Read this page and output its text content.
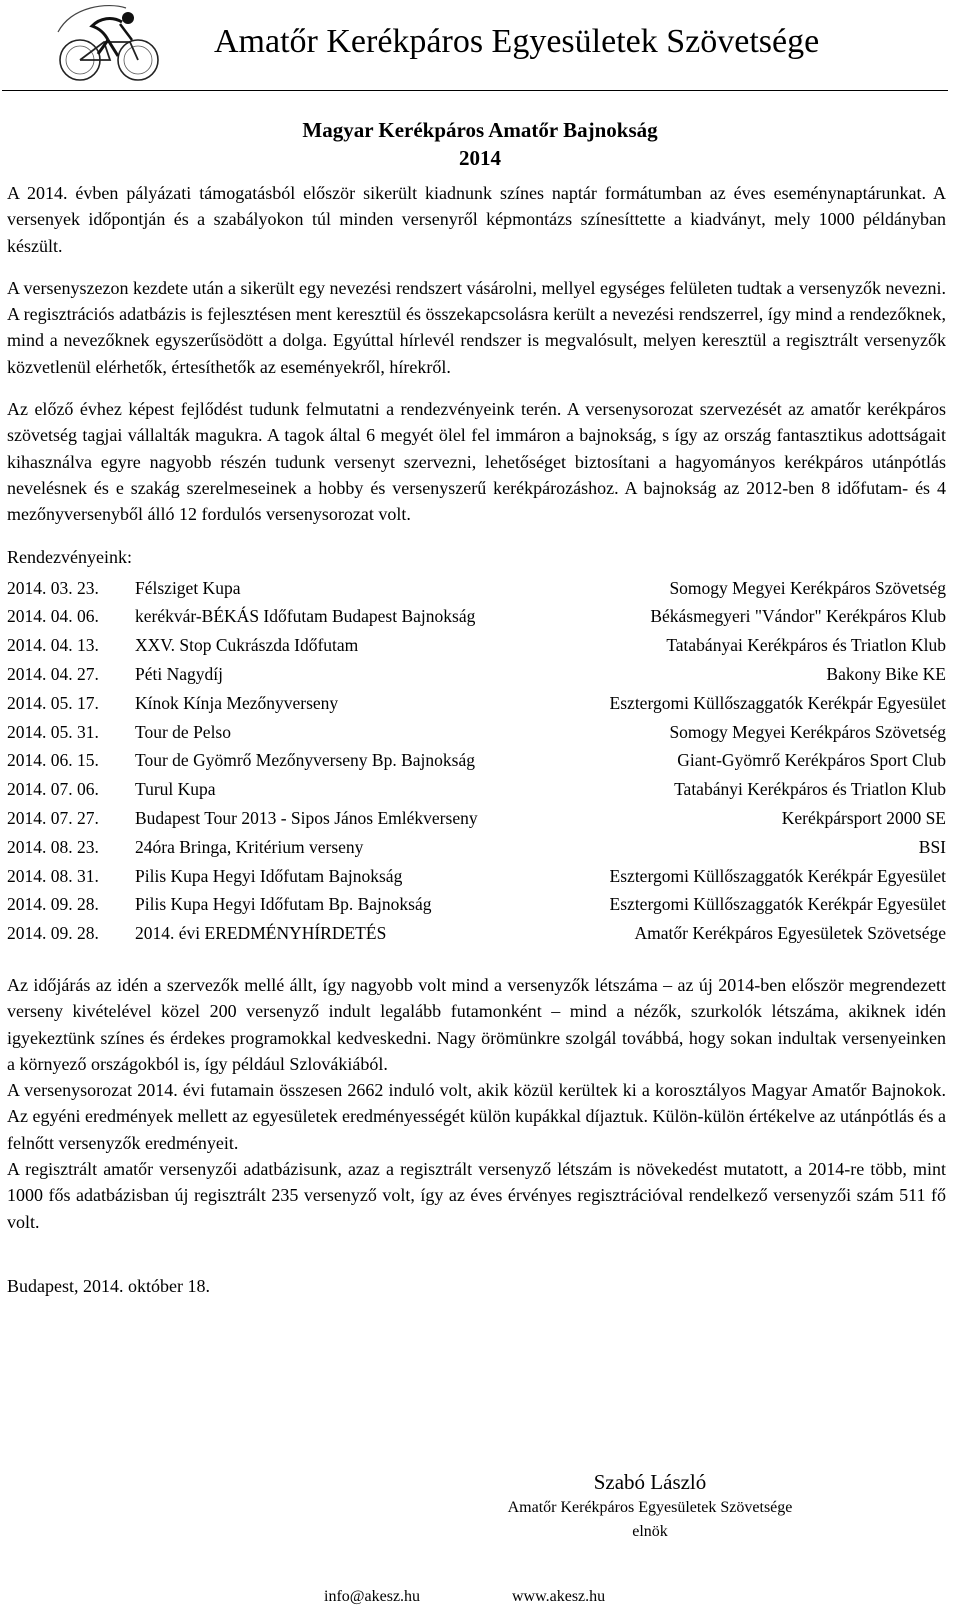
Amatőr Kerékpáros Egyesületek Szövetsége
Magyar Kerékpáros Amatőr Bajnokság
2014

A 2014. évben pályázati támogatásból először sikerült kiadnunk színes naptár formátumban az éves eseménynaptárunkat. A versenyek időpontján és a szabályokon túl minden versenyről képmontázs színesíttette a kiadványt, mely 1000 példányban készült.

A versenyszezon kezdete után a sikerült egy nevezési rendszert vásárolni, mellyel egységes felületen tudtak a versenyzők nevezni. A regisztrációs adatbázis is fejlesztésen ment keresztül és összekapcsolásra került a nevezési rendszerrel, így mind a rendezőknek, mind a nevezőknek egyszerűsödött a dolga. Egyúttal hírlevél rendszer is megvalósult, melyen keresztül a regisztrált versenyzők közvetlenül elérhetők, értesíthetők az eseményekről, hírekről.

Az előző évhez képest fejlődést tudunk felmutatni a rendezvényeink terén. A versenysorozat szervezését az amatőr kerékpáros szövetség tagjai vállalták magukra. A tagok által 6 megyét ölel fel immáron a bajnokság, s így az ország fantasztikus adottságait kihasználva egyre nagyobb részén tudunk versenyt szervezni, lehetőséget biztosítani a hagyományos kerékpáros utánpótlás nevelésnek és e szakág szerelmeseinek a hobby és versenyszerű kerékpározáshoz. A bajnokság az 2012-ben 8 időfutam- és 4 mezőnyversenyből álló 12 fordulós versenysorozat volt.

Rendezvényeink:
2014. 03. 23.	Félsziget Kupa	Somogy Megyei Kerékpáros Szövetség
2014. 04. 06.	kerékvár-BÉKÁS Időfutam Budapest Bajnokság	Békásmegyeri "Vándor" Kerékpáros Klub
2014. 04. 13.	XXV. Stop Cukrászda Időfutam	Tatabányai Kerékpáros és Triatlon Klub
2014. 04. 27.	Péti Nagydíj	Bakony Bike KE
2014. 05. 17.	Kínok Kínja Mezőnyverseny	Esztergomi Küllőszaggatók Kerékpár Egyesület
2014. 05. 31.	Tour de Pelso	Somogy Megyei Kerékpáros Szövetség
2014. 06. 15.	Tour de Gyömrő Mezőnyverseny Bp. Bajnokság	Giant-Gyömrő Kerékpáros Sport Club
2014. 07. 06.	Turul Kupa	Tatabányi Kerékpáros és Triatlon Klub
2014. 07. 27.	Budapest Tour 2013 - Sipos János Emlékverseny	Kerékpársport 2000 SE
2014. 08. 23.	24óra Bringa, Kritérium verseny	BSI
2014. 08. 31.	Pilis Kupa Hegyi Időfutam Bajnokság	Esztergomi Küllőszaggatók Kerékpár Egyesület
2014. 09. 28.	Pilis Kupa Hegyi Időfutam Bp. Bajnokság	Esztergomi Küllőszaggatók Kerékpár Egyesület
2014. 09. 28.	2014. évi EREDMÉNYHÍRDETÉS	Amatőr Kerékpáros Egyesületek Szövetsége

Az időjárás az idén a szervezők mellé állt, így nagyobb volt mind a versenyzők létszáma – az új 2014-ben először megrendezett verseny kivételével közel 200 versenyző indult legalább futamonként – mind a nézők, szurkolók létszáma, akiknek idén igyekeztünk színes és érdekes programokkal kedveskedni. Nagy örömünkre szolgál továbbá, hogy sokan indultak versenyeinken a környező országokból is, így például Szlovákiából.

A versenysorozat 2014. évi futamain összesen 2662 induló volt, akik közül kerültek ki a korosztályos Magyar Amatőr Bajnokok. Az egyéni eredmények mellett az egyesületek eredményességét külön kupákkal díjaztuk. Külön-külön értékelve az utánpótlás és a felnőtt versenyzők eredményeit.

A regisztrált amatőr versenyzői adatbázisunk, azaz a regisztrált versenyző létszám is növekedést mutatott, a 2014-re több, mint 1000 fős adatbázisban új regisztrált 235 versenyző volt, így az éves érvényes regisztrációval rendelkező versenyzői szám 511 fő volt.

Budapest, 2014. október 18.
Szabó László
Amatőr Kerékpáros Egyesületek Szövetsége
elnök
info@akesz.hu	www.akesz.hu
